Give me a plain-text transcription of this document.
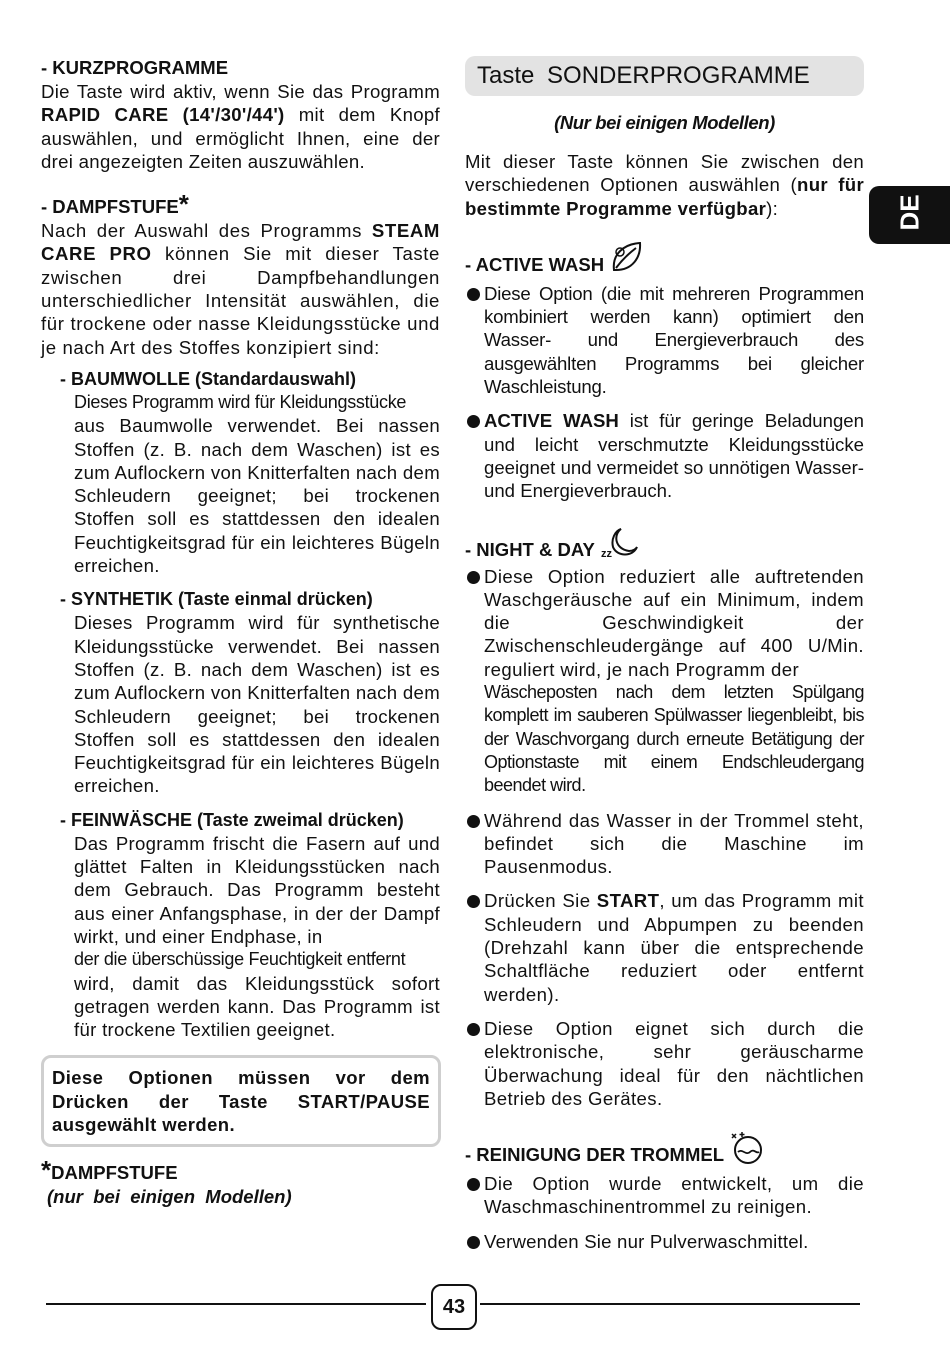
- KURZPROGRAMME

Die Taste wird aktiv, wenn Sie das Programm RAPID CARE (14'/30'/44') mit dem Knopf auswählen, und ermöglicht Ihnen, eine der drei angezeigten Zeiten auszuwählen.

- DAMPFSTUFE*

Nach der Auswahl des Programms STEAM CARE PRO können Sie mit dieser Taste zwischen drei Dampfbehandlungen unterschiedlicher Intensität auswählen, die für trockene oder nasse Kleidungsstücke und je nach Art des Stoffes konzipiert sind:

- BAUMWOLLE (Standardauswahl)

Dieses Programm wird für Kleidungsstücke

aus Baumwolle verwendet. Bei nassen Stoffen (z. B. nach dem Waschen) ist es zum Auflockern von Knitterfalten nach dem Schleudern geeignet; bei trockenen Stoffen soll es stattdessen den idealen Feuchtigkeitsgrad für ein leichteres Bügeln erreichen.

- SYNTHETIK (Taste einmal drücken)

Dieses Programm wird für synthetische Kleidungsstücke verwendet. Bei nassen Stoffen (z. B. nach dem Waschen) ist es zum Auflockern von Knitterfalten nach dem Schleudern geeignet; bei trockenen Stoffen soll es stattdessen den idealen Feuchtigkeitsgrad für ein leichteres Bügeln erreichen.

- FEINWÄSCHE (Taste zweimal drücken)

Das Programm frischt die Fasern auf und glättet Falten in Kleidungsstücken nach dem Gebrauch. Das Programm besteht aus einer Anfangsphase, in der der Dampf wirkt, und einer Endphase, in

der die überschüssige Feuchtigkeit entfernt

wird, damit das Kleidungsstück sofort getragen werden kann. Das Programm ist für trockene Textilien geeignet.

Diese Optionen müssen vor dem Drücken der Taste START/PAUSE ausgewählt werden.

*DAMPFSTUFE

(nur  bei  einigen  Modellen)

Taste SONDERPROGRAMME

(Nur bei einigen Modellen)

Mit dieser Taste können Sie zwischen den verschiedenen Optionen auswählen (nur für bestimmte Programme verfügbar):

- ACTIVE WASH

Diese Option (die mit mehreren Programmen kombiniert werden kann) optimiert den Wasser- und Energieverbrauch des ausgewählten Programms bei gleicher Waschleistung.

ACTIVE WASH ist für geringe Beladungen und leicht verschmutzte Kleidungsstücke geeignet und vermeidet so unnötigen Wasser- und Energieverbrauch.

- NIGHT & DAY zz

Diese Option reduziert alle auftretenden Waschgeräusche auf ein Minimum, indem die Geschwindigkeit der Zwischenschleudergänge auf 400 U/Min. reguliert wird, je nach Programm der

Wäscheposten nach dem letzten Spülgang komplett im sauberen Spülwasser liegenbleibt, bis der Waschvorgang durch erneute Betätigung der Optionstaste mit einem Endschleudergang beendet wird.

Während das Wasser in der Trommel steht, befindet sich die Maschine im Pausenmodus.

Drücken Sie START, um das Programm mit Schleudern und Abpumpen zu beenden (Drehzahl kann über die entsprechende Schaltfläche reduziert oder entfernt werden).

Diese Option eignet sich durch die elektronische, sehr geräuscharme Überwachung ideal für den nächtlichen Betrieb des Gerätes.

- REINIGUNG DER TROMMEL

Die Option wurde entwickelt, um die Waschmaschinentrommel zu reinigen.

Verwenden Sie nur Pulverwaschmittel.

DE
43
